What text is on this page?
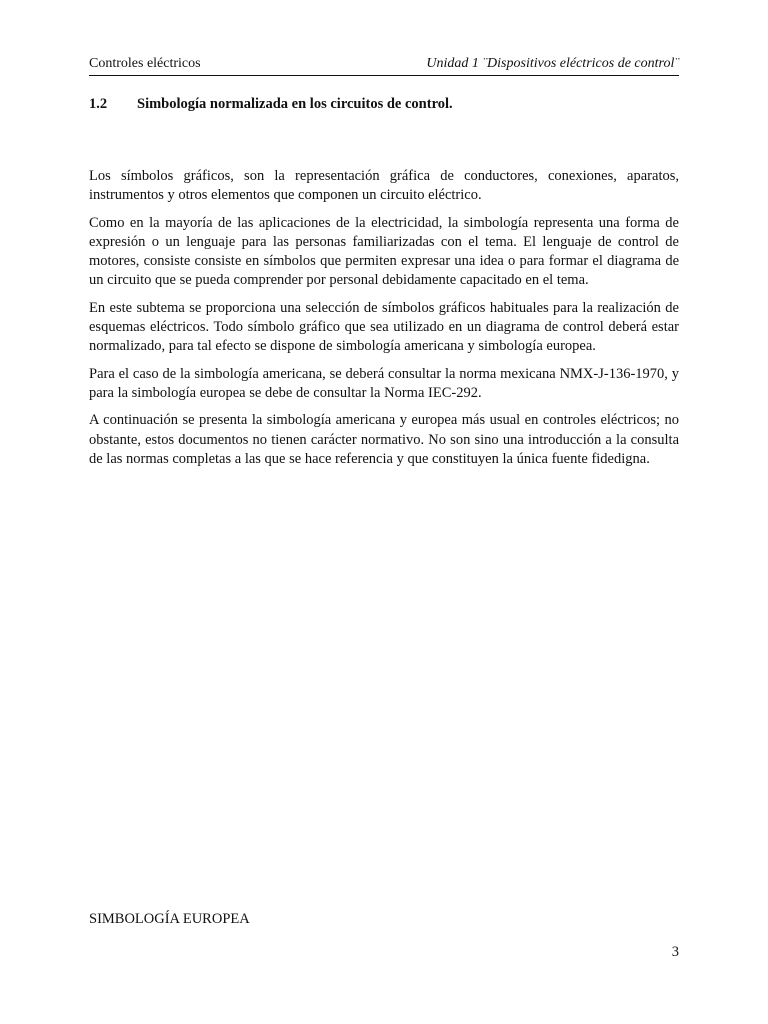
Controles eléctricos	Unidad 1 ¨Dispositivos eléctricos de control¨
1.2 Simbología normalizada en los circuitos de control.

Los símbolos gráficos, son la representación gráfica de conductores, conexiones, aparatos, instrumentos y otros elementos que componen un circuito eléctrico.

Como en la mayoría de las aplicaciones de la electricidad, la simbología representa una forma de expresión o un lenguaje para las personas familiarizadas con el tema. El lenguaje de control de motores, consiste consiste en símbolos que permiten expresar una idea o para formar el diagrama de un circuito que se pueda comprender por personal debidamente capacitado en el tema.

En este subtema se proporciona una selección de símbolos gráficos habituales para la realización de esquemas eléctricos. Todo símbolo gráfico que sea utilizado en un diagrama de control deberá estar normalizado, para tal efecto se dispone de simbología americana y simbología europea.

Para el caso de la simbología americana, se deberá consultar la norma mexicana NMX-J-136-1970, y para la simbología europea se debe de consultar la Norma IEC-292.

A continuación se presenta la simbología americana y europea más usual en controles eléctricos; no obstante, estos documentos no tienen carácter normativo. No son sino una introducción a la consulta de las normas completas a las que se hace referencia y que constituyen la única fuente fidedigna.

SIMBOLOGÍA EUROPEA
3
